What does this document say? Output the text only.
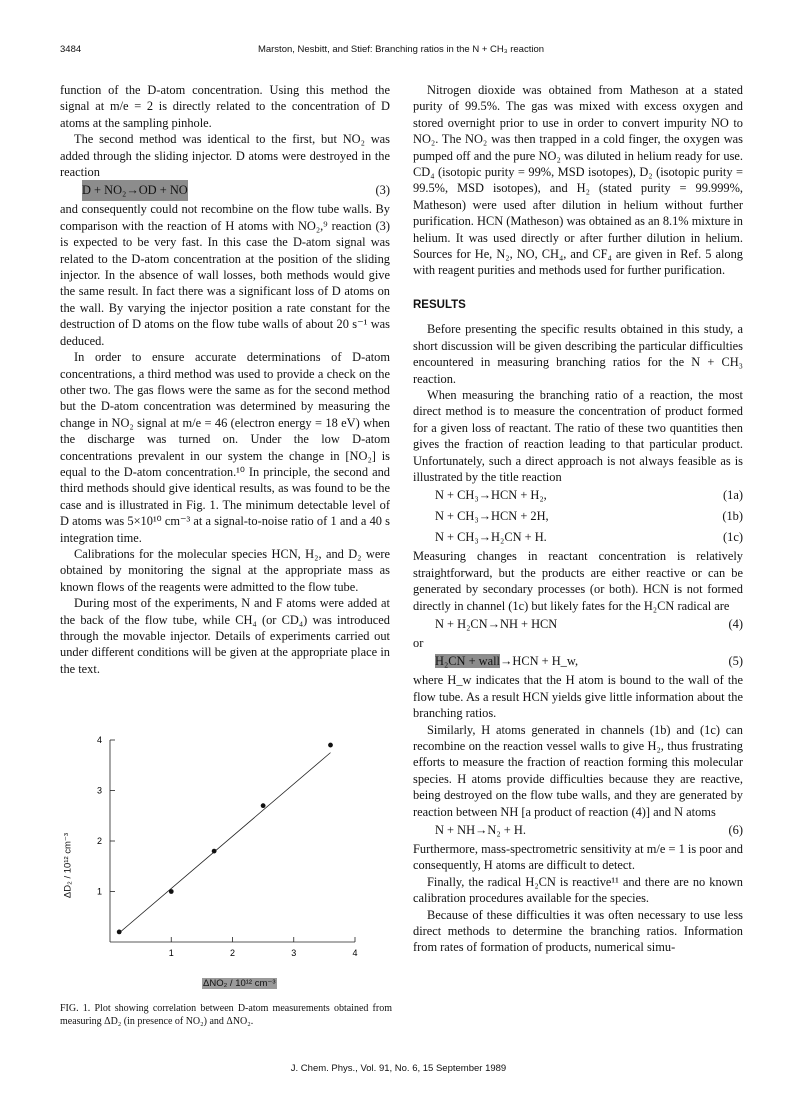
3484	Marston, Nesbitt, and Stief: Branching ratios in the N + CH₃ reaction

function of the D-atom concentration. Using this method the signal at m/e = 2 is directly related to the concentration of D atoms at the sampling pinhole.

The second method was identical to the first, but NO₂ was added through the sliding injector. D atoms were destroyed in the reaction

D + NO₂→OD + NO	(3)

and consequently could not recombine on the flow tube walls. By comparison with the reaction of H atoms with NO₂,⁹ reaction (3) is expected to be very fast. In this case the D-atom signal was related to the D-atom concentration at the position of the sliding injector. In the absence of wall losses, both methods would give the same result. In fact there was a significant loss of D atoms on the wall. By varying the injector position a rate constant for the destruction of D atoms on the flow tube walls of about 20 s⁻¹ was deduced.

In order to ensure accurate determinations of D-atom concentrations, a third method was used to provide a check on the other two. The gas flows were the same as for the second method but the D-atom concentration was determined by measuring the change in NO₂ signal at m/e = 46 (electron energy = 18 eV) when the discharge was turned on. Under the low D-atom concentrations prevalent in our system the change in [NO₂] is equal to the D-atom concentration.¹⁰ In principle, the second and third methods should give identical results, as was found to be the case and is illustrated in Fig. 1. The minimum detectable level of D atoms was 5×10¹⁰ cm⁻³ at a signal-to-noise ratio of 1 and a 40 s integration time.

Calibrations for the molecular species HCN, H₂, and D₂ were obtained by monitoring the signal at the appropriate mass as known flows of the reagents were admitted to the flow tube.

During most of the experiments, N and F atoms were added at the back of the flow tube, while CH₄ (or CD₄) was introduced through the movable injector. Details of experiments carried out under different conditions will be given at the appropriate place in the text.

Nitrogen dioxide was obtained from Matheson at a stated purity of 99.5%. The gas was mixed with excess oxygen and stored overnight prior to use in order to convert impurity NO to NO₂. The NO₂ was then trapped in a cold finger, the oxygen was pumped off and the pure NO₂ was diluted in helium ready for use. CD₄ (isotopic purity = 99%, MSD isotopes), D₂ (isotopic purity = 99.5%, MSD isotopes), and H₂ (stated purity = 99.999%, Matheson) were used after dilution in helium without further purification. HCN (Matheson) was obtained as an 8.1% mixture in helium. It was used directly or after further dilution in helium. Sources for He, N₂, NO, CH₄, and CF₄ are given in Ref. 5 along with reagent purities and methods used for further purification.

RESULTS

Before presenting the specific results obtained in this study, a short discussion will be given describing the particular difficulties encountered in measuring branching ratios for the N + CH₃ reaction.

When measuring the branching ratio of a reaction, the most direct method is to measure the concentration of product formed for a given loss of reactant. The ratio of these two quantities then gives the fraction of reaction leading to that particular product. Unfortunately, such a direct approach is not always feasible as is illustrated by the title reaction

N + CH₃→HCN + H₂,	(1a)
N + CH₃→HCN + 2H,	(1b)
N + CH₃→H₂CN + H.	(1c)

Measuring changes in reactant concentration is relatively straightforward, but the products are either reactive or can be generated by secondary processes (or both). HCN is not formed directly in channel (1c) but likely fates for the H₂CN radical are

N + H₂CN→NH + HCN	(4)

or

H₂CN + wall→HCN + H_w,	(5)

where H_w indicates that the H atom is bound to the wall of the flow tube. As a result HCN yields give little information about the branching ratios.

Similarly, H atoms generated in channels (1b) and (1c) can recombine on the reaction vessel walls to give H₂, thus frustrating efforts to measure the fraction of reaction forming this molecular species. H atoms provide difficulties because they are reactive, being destroyed on the flow tube walls, and they are generated by reaction between NH [a product of reaction (4)] and N atoms

N + NH→N₂ + H.	(6)

Furthermore, mass-spectrometric sensitivity at m/e = 1 is poor and consequently, H atoms are difficult to detect.

Finally, the radical H₂CN is reactive¹¹ and there are no known calibration procedures available for the species.

Because of these difficulties it was often necessary to use less direct methods to determine the branching ratios. Information from rates of formation of products, numerical simu-

1	2	3	4
1
2
3
4
ΔD₂ / 10¹² cm⁻³
ΔNO₂ / 10¹² cm⁻³
FIG. 1. Plot showing correlation between D-atom measurements obtained from measuring ΔD₂ (in presence of NO₂) and ΔNO₂.
J. Chem. Phys., Vol. 91, No. 6, 15 September 1989
